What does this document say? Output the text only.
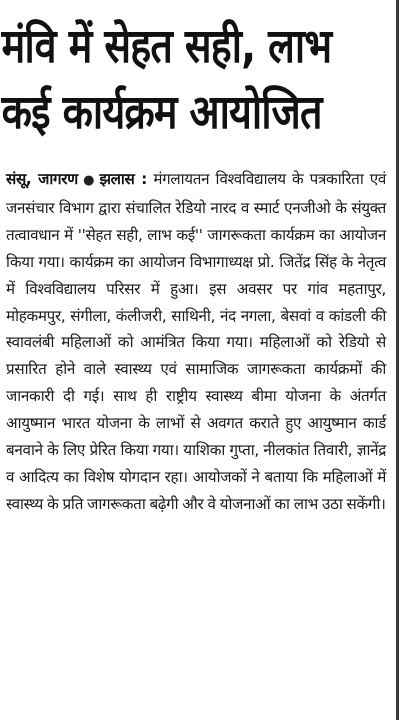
मंवि में सेहत सही, लाभ
कई कार्यक्रम आयोजित

संसू, जागरण ● झलास : मंगलायतन विश्वविद्यालय के पत्रकारिता एवं जनसंचार विभाग द्वारा संचालित रेडियो नारद व स्मार्ट एनजीओ के संयुक्त तत्वावधान में ''सेहत सही, लाभ कई'' जागरूकता कार्यक्रम का आयोजन किया गया। कार्यक्रम का आयोजन विभागाध्यक्ष प्रो. जितेंद्र सिंह के नेतृत्व में विश्वविद्यालय परिसर में हुआ। इस अवसर पर गांव महतापुर, मोहकमपुर, संगीला, कंलीजरी, साथिनी, नंद नगला, बेसवां व कांडली की स्वावलंबी महिलाओं को आमंत्रित किया गया। महिलाओं को रेडियो से प्रसारित होने वाले स्वास्थ्य एवं सामाजिक जागरूकता कार्यक्रमों की जानकारी दी गई। साथ ही राष्ट्रीय स्वास्थ्य बीमा योजना के अंतर्गत आयुष्मान भारत योजना के लाभों से अवगत कराते हुए आयुष्मान कार्ड बनवाने के लिए प्रेरित किया गया। याशिका गुप्ता, नीलकांत तिवारी, ज्ञानेंद्र व आदित्य का विशेष योगदान रहा। आयोजकों ने बताया कि महिलाओं में स्वास्थ्य के प्रति जागरूकता बढ़ेगी और वे योजनाओं का लाभ उठा सकेंगी।
